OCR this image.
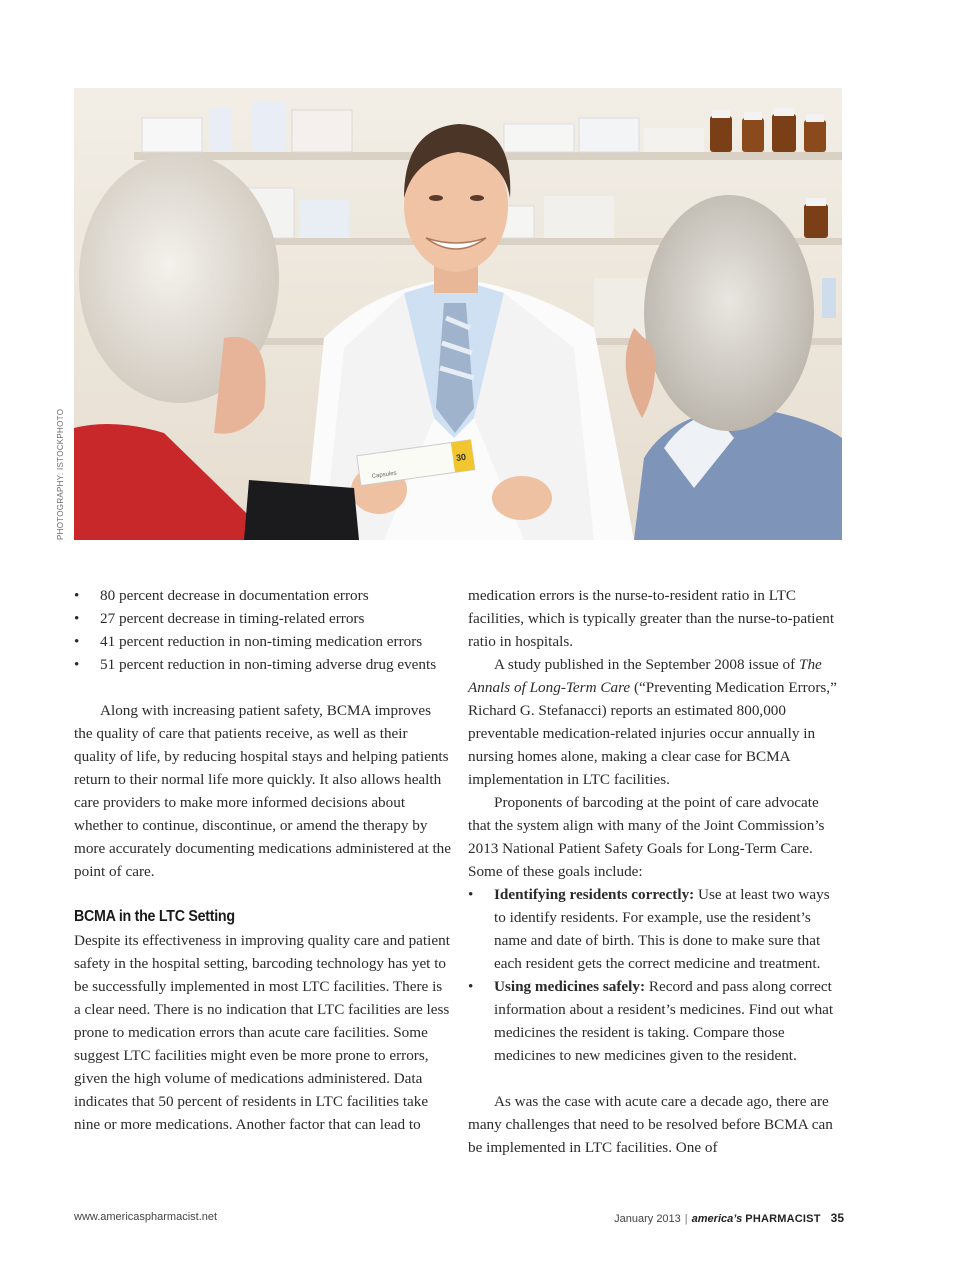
30
Capsules
PHOTOGRAPHY: ISTOCKPHOTO
• 80 percent decrease in documentation errors
• 27 percent decrease in timing-related errors
• 41 percent reduction in non-timing medication errors
• 51 percent reduction in non-timing adverse drug events

Along with increasing patient safety, BCMA improves the quality of care that patients receive, as well as their quality of life, by reducing hospital stays and helping patients return to their normal life more quickly. It also allows health care providers to make more informed decisions about whether to continue, discontinue, or amend the therapy by more accurately documenting medications administered at the point of care.

BCMA in the LTC Setting

Despite its effectiveness in improving quality care and patient safety in the hospital setting, barcoding technology has yet to be successfully implemented in most LTC facilities. There is a clear need. There is no indication that LTC facilities are less prone to medication errors than acute care facilities. Some suggest LTC facilities might even be more prone to errors, given the high volume of medications administered. Data indicates that 50 percent of residents in LTC facilities take nine or more medications. Another factor that can lead to

medication errors is the nurse-to-resident ratio in LTC facilities, which is typically greater than the nurse-to-patient ratio in hospitals.

A study published in the September 2008 issue of The Annals of Long-Term Care (“Preventing Medication Errors,” Richard G. Stefanacci) reports an estimated 800,000 preventable medication-related injuries occur annually in nursing homes alone, making a clear case for BCMA implementation in LTC facilities.

Proponents of barcoding at the point of care advocate that the system align with many of the Joint Commission’s 2013 National Patient Safety Goals for Long-Term Care. Some of these goals include:

• Identifying residents correctly: Use at least two ways to identify residents. For example, use the resident’s name and date of birth. This is done to make sure that each resident gets the correct medicine and treatment.
• Using medicines safely: Record and pass along correct information about a resident’s medicines. Find out what medicines the resident is taking. Compare those medicines to new medicines given to the resident.

As was the case with acute care a decade ago, there are many challenges that need to be resolved before BCMA can be implemented in LTC facilities. One of

www.americaspharmacist.net	January 2013 | america’s PHARMACIST 35
